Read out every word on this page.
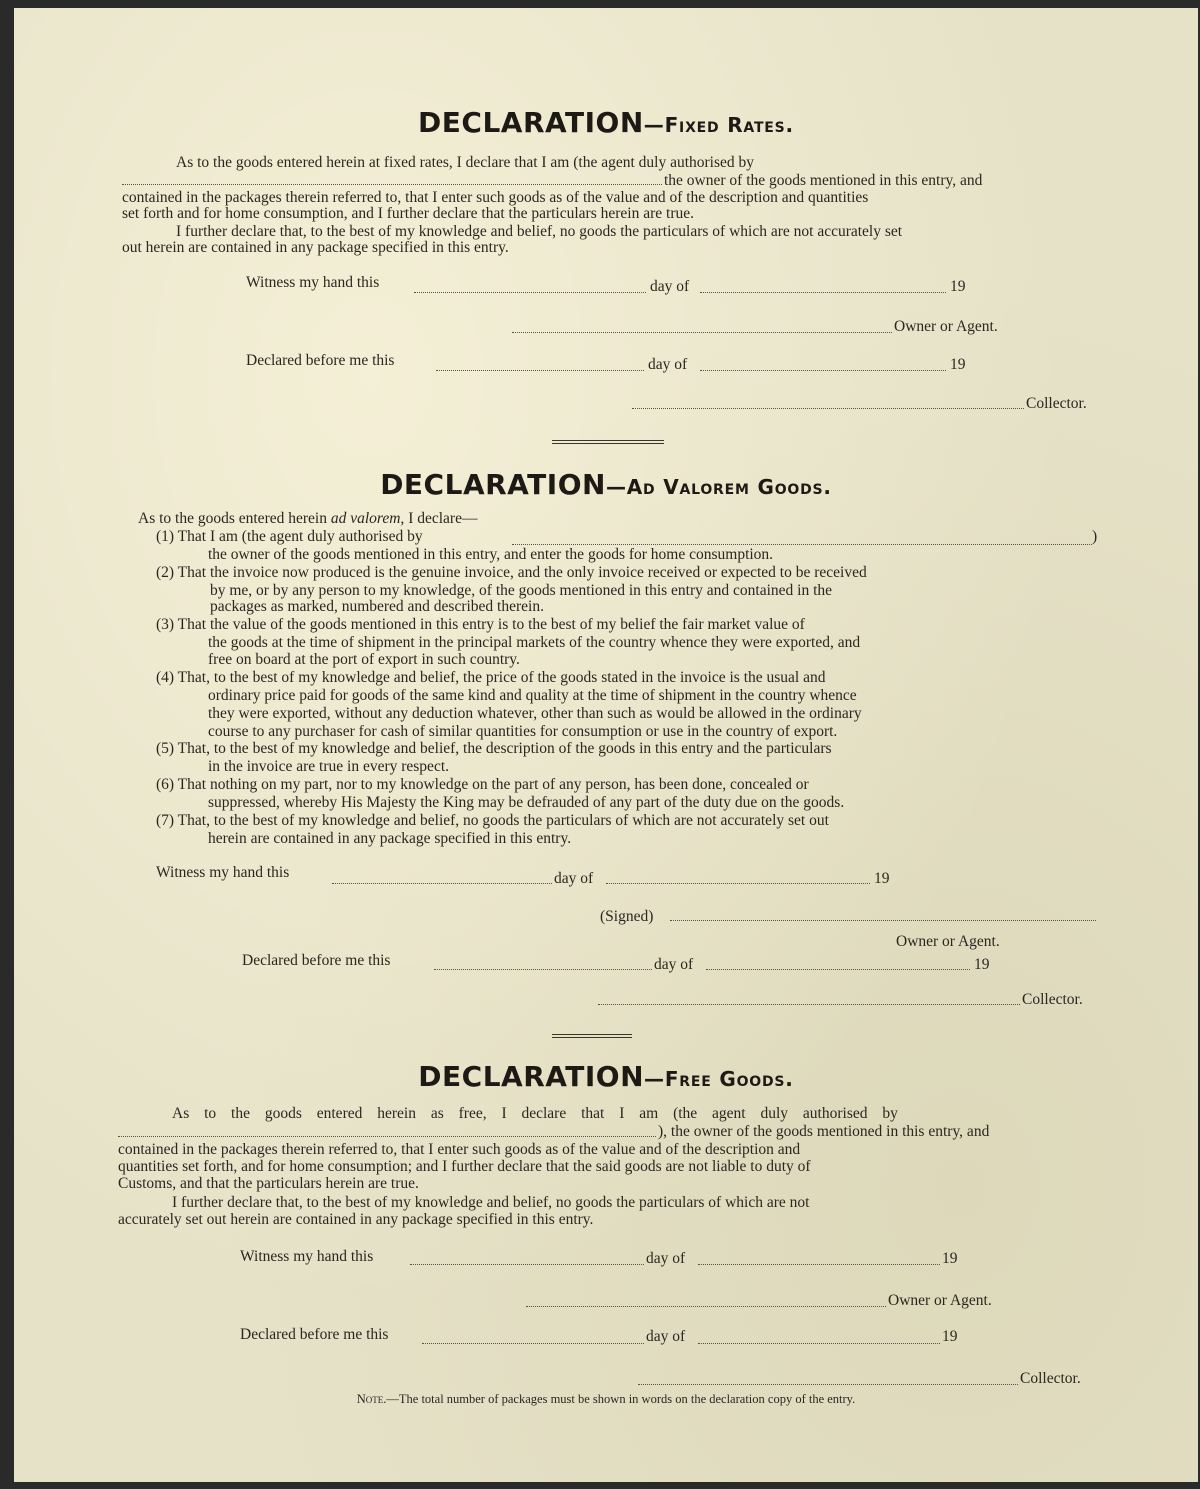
DECLARATION—Fixed Rates.
As to the goods entered herein at fixed rates, I declare that I am (the agent duly authorised by
the owner of the goods mentioned in this entry, and
contained in the packages therein referred to, that I enter such goods as of the value and of the description and quantities
set forth and for home consumption, and I further declare that the particulars herein are true.
I further declare that, to the best of my knowledge and belief, no goods the particulars of which are not accurately set
out herein are contained in any package specified in this entry.
Witness my hand this	day of	19
Owner or Agent.
Declared before me this	day of	19
Collector.
DECLARATION—Ad Valorem Goods.
As to the goods entered herein ad valorem, I declare—
(1) That I am (the agent duly authorised by	)
the owner of the goods mentioned in this entry, and enter the goods for home consumption.
(2) That the invoice now produced is the genuine invoice, and the only invoice received or expected to be received
by me, or by any person to my knowledge, of the goods mentioned in this entry and contained in the
packages as marked, numbered and described therein.
(3) That the value of the goods mentioned in this entry is to the best of my belief the fair market value of
the goods at the time of shipment in the principal markets of the country whence they were exported, and
free on board at the port of export in such country.
(4) That, to the best of my knowledge and belief, the price of the goods stated in the invoice is the usual and
ordinary price paid for goods of the same kind and quality at the time of shipment in the country whence
they were exported, without any deduction whatever, other than such as would be allowed in the ordinary
course to any purchaser for cash of similar quantities for consumption or use in the country of export.
(5) That, to the best of my knowledge and belief, the description of the goods in this entry and the particulars
in the invoice are true in every respect.
(6) That nothing on my part, nor to my knowledge on the part of any person, has been done, concealed or
suppressed, whereby His Majesty the King may be defrauded of any part of the duty due on the goods.
(7) That, to the best of my knowledge and belief, no goods the particulars of which are not accurately set out
herein are contained in any package specified in this entry.
Witness my hand this	day of	19
(Signed)
Owner or Agent.
Declared before me this	day of	19
Collector.
DECLARATION—Free Goods.
As to the goods entered herein as free, I declare that I am (the agent duly authorised by
), the owner of the goods mentioned in this entry, and
contained in the packages therein referred to, that I enter such goods as of the value and of the description and
quantities set forth, and for home consumption; and I further declare that the said goods are not liable to duty of
Customs, and that the particulars herein are true.
I further declare that, to the best of my knowledge and belief, no goods the particulars of which are not
accurately set out herein are contained in any package specified in this entry.
Witness my hand this	day of	19
Owner or Agent.
Declared before me this	day of	19
Collector.
Note.—The total number of packages must be shown in words on the declaration copy of the entry.
